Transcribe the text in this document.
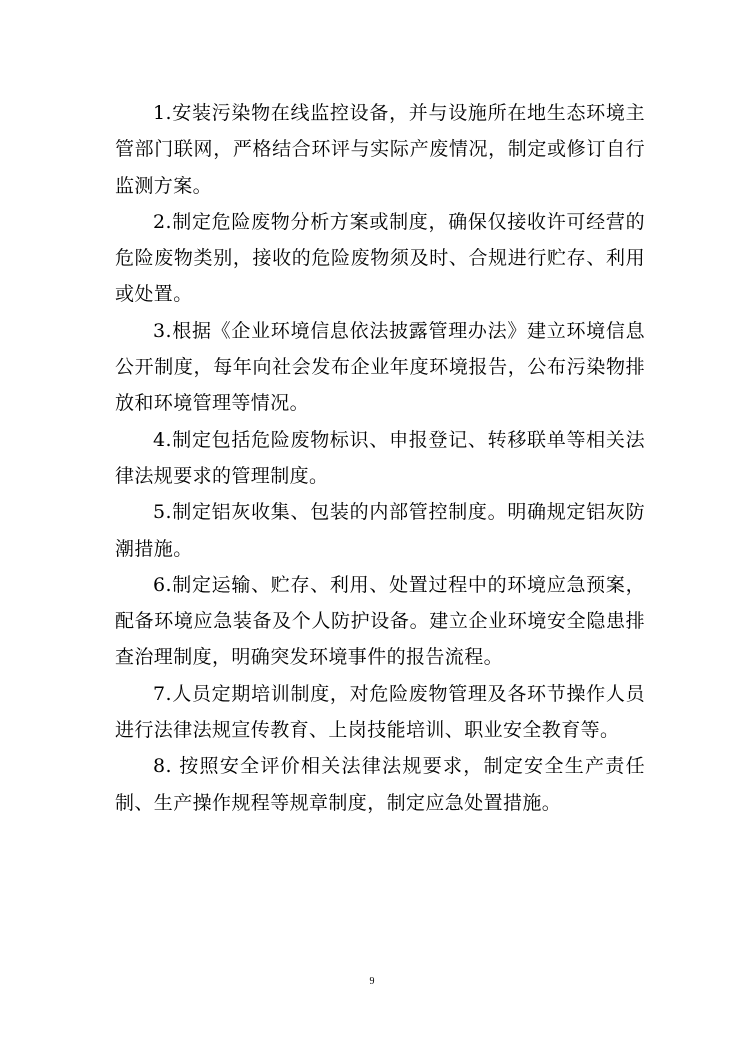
1.安装污染物在线监控设备，并与设施所在地生态环境主管部门联网，严格结合环评与实际产废情况，制定或修订自行监测方案。

2.制定危险废物分析方案或制度，确保仅接收许可经营的危险废物类别，接收的危险废物须及时、合规进行贮存、利用或处置。

3.根据《企业环境信息依法披露管理办法》建立环境信息公开制度，每年向社会发布企业年度环境报告，公布污染物排放和环境管理等情况。

4.制定包括危险废物标识、申报登记、转移联单等相关法律法规要求的管理制度。

5.制定铝灰收集、包装的内部管控制度。明确规定铝灰防潮措施。

6.制定运输、贮存、利用、处置过程中的环境应急预案，配备环境应急装备及个人防护设备。建立企业环境安全隐患排查治理制度，明确突发环境事件的报告流程。

7.人员定期培训制度，对危险废物管理及各环节操作人员进行法律法规宣传教育、上岗技能培训、职业安全教育等。

8. 按照安全评价相关法律法规要求，制定安全生产责任制、生产操作规程等规章制度，制定应急处置措施。

9
